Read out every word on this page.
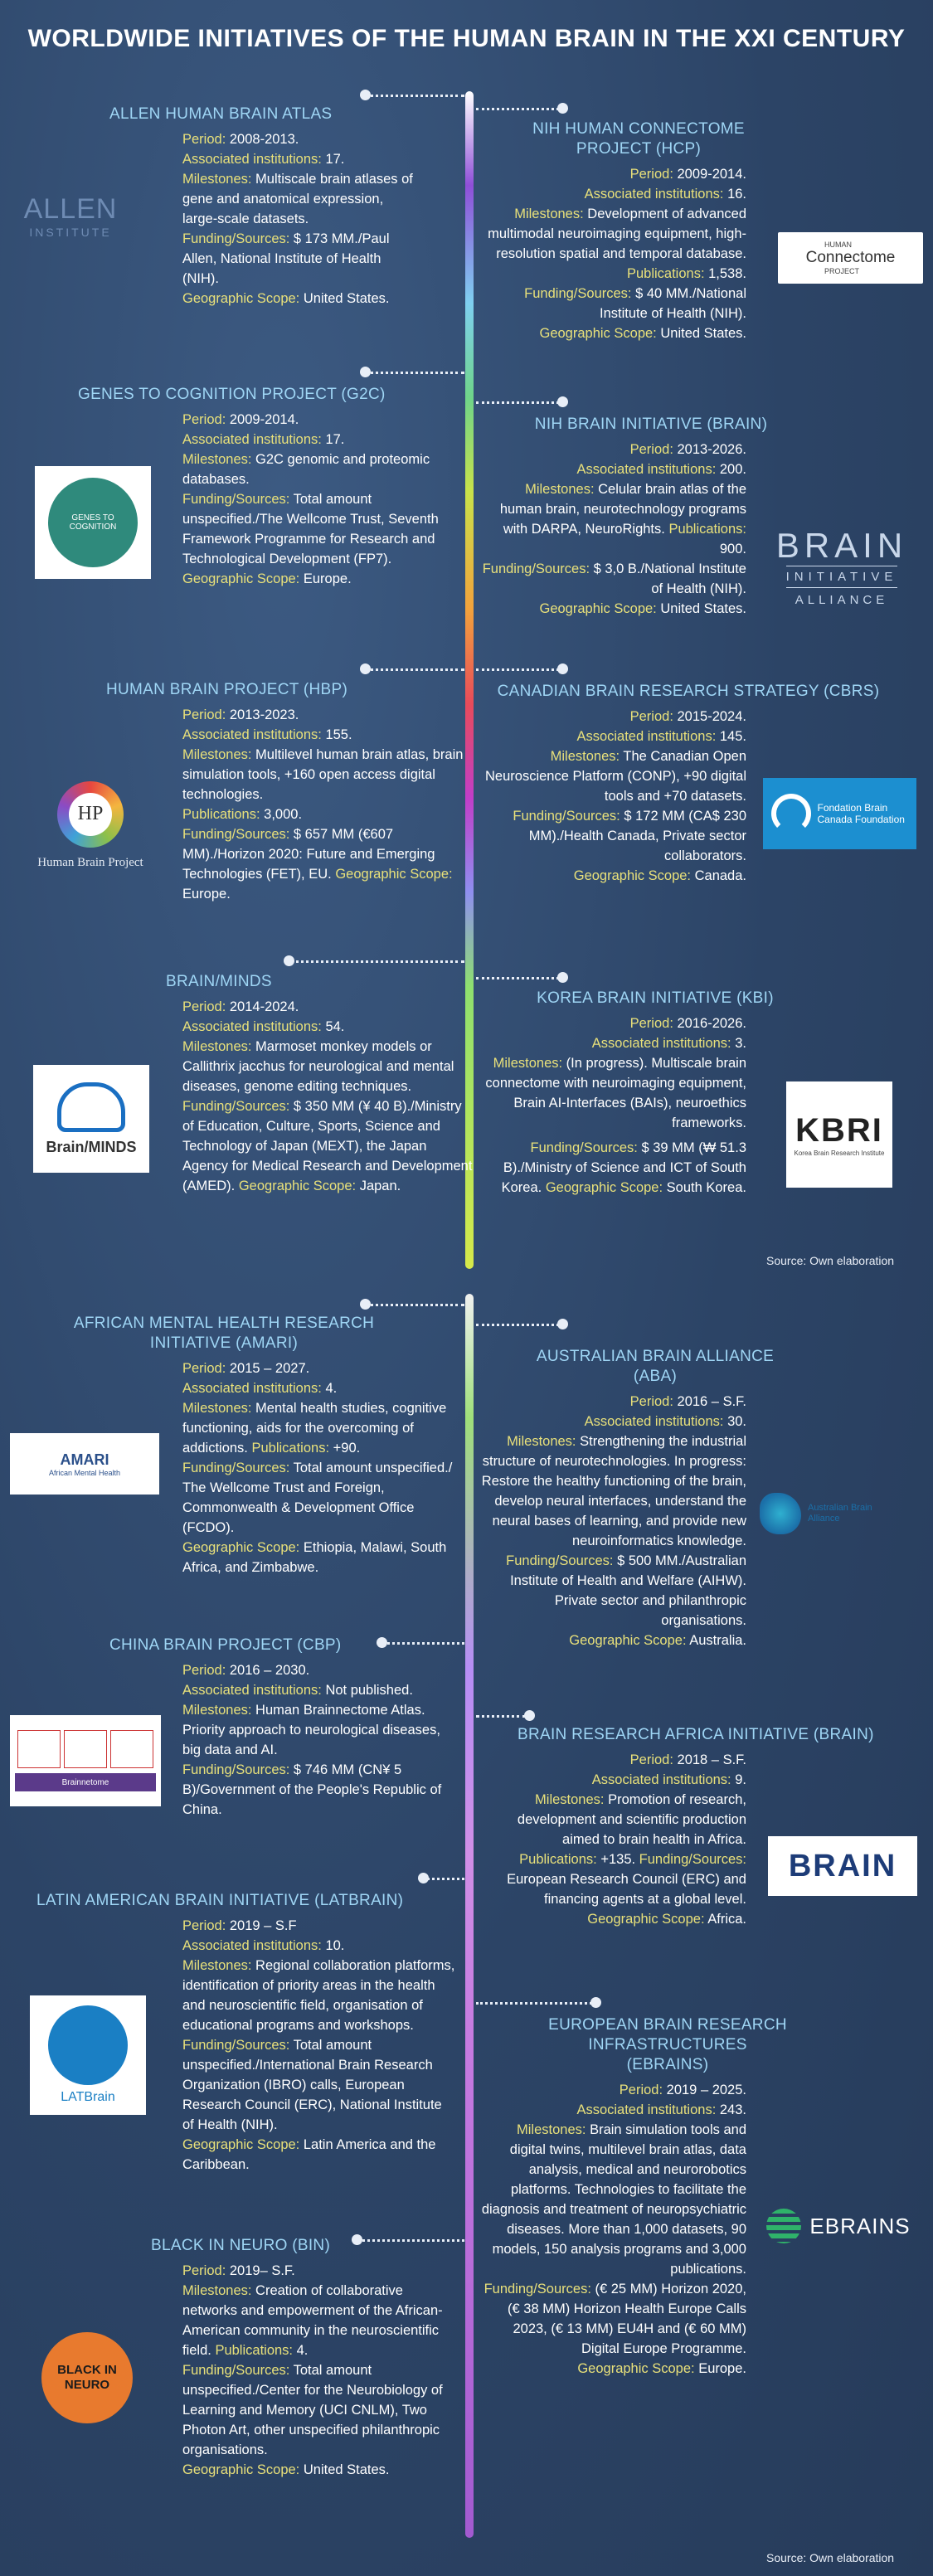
WORLDWIDE INITIATIVES OF THE HUMAN BRAIN IN THE XXI CENTURY
ALLEN HUMAN BRAIN ATLAS

Period: 2008-2013.

Associated institutions: 17.

Milestones: Multiscale brain atlases of gene and anatomical expression, large-scale datasets.

Funding/Sources: $ 173 MM./Paul Allen, National Institute of Health (NIH).

Geographic Scope: United States.

ALLEN
INSTITUTE
NIH HUMAN CONNECTOME PROJECT (HCP)

Period: 2009-2014.

Associated institutions: 16.

Milestones: Development of advanced multimodal neuroimaging equipment, high-resolution spatial and temporal database.

Publications: 1,538.

Funding/Sources: $ 40 MM./National Institute of Health (NIH).

Geographic Scope: United States.

HUMAN
Connectome
PROJECT
GENES TO COGNITION PROJECT (G2C)

Period: 2009-2014.

Associated institutions: 17.

Milestones: G2C genomic and proteomic databases.

Funding/Sources: Total amount unspecified./The Wellcome Trust, Seventh Framework Programme for Research and Technological Development (FP7).

Geographic Scope: Europe.

GENES TO COGNITION
NIH BRAIN INITIATIVE (BRAIN)

Period: 2013-2026.

Associated institutions: 200.

Milestones: Celular brain atlas of the human brain, neurotechnology programs with DARPA, NeuroRights. Publications: 900.

Funding/Sources: $ 3,0 B./National Institute of Health (NIH).

Geographic Scope: United States.

BRAIN
INITIATIVE
ALLIANCE
HUMAN BRAIN PROJECT (HBP)

Period: 2013-2023.

Associated institutions: 155.

Milestones: Multilevel human brain atlas, brain simulation tools, +160 open access digital technologies.

Publications: 3,000.

Funding/Sources: $ 657 MM (€607 MM)./Horizon 2020: Future and Emerging Technologies (FET), EU. Geographic Scope: Europe.

HP
Human Brain Project
CANADIAN BRAIN RESEARCH STRATEGY (CBRS)

Period: 2015-2024.

Associated institutions: 145.

Milestones: The Canadian Open Neuroscience Platform (CONP), +90 digital tools and +70 datasets.

Funding/Sources: $ 172 MM (CA$ 230 MM)./Health Canada, Private sector collaborators.

Geographic Scope: Canada.

Fondation Brain Canada Foundation
BRAIN/MINDS

Period: 2014-2024.

Associated institutions: 54.

Milestones: Marmoset monkey models or Callithrix jacchus for neurological and mental diseases, genome editing techniques.

Funding/Sources: $ 350 MM (¥ 40 B)./Ministry of Education, Culture, Sports, Science and Technology of Japan (MEXT), the Japan Agency for Medical Research and Development (AMED). Geographic Scope: Japan.

Brain/MINDS
KOREA BRAIN INITIATIVE (KBI)

Period: 2016-2026.

Associated institutions: 3.

Milestones: (In progress). Multiscale brain connectome with neuroimaging equipment, Brain AI-Interfaces (BAIs), neuroethics frameworks.

Funding/Sources: $ 39 MM (₩ 51.3 B)./Ministry of Science and ICT of South Korea. Geographic Scope: South Korea.

KBRI
Korea Brain Research Institute
Source: Own elaboration
AFRICAN MENTAL HEALTH RESEARCH INITIATIVE (AMARI)

Period: 2015 – 2027.

Associated institutions: 4.

Milestones: Mental health studies, cognitive functioning, aids for the overcoming of addictions. Publications: +90.

Funding/Sources: Total amount unspecified./ The Wellcome Trust and Foreign, Commonwealth & Development Office (FCDO).

Geographic Scope: Ethiopia, Malawi, South Africa, and Zimbabwe.

AMARI
African Mental Health
AUSTRALIAN BRAIN ALLIANCE (ABA)

Period: 2016 – S.F.

Associated institutions: 30.

Milestones: Strengthening the industrial structure of neurotechnologies. In progress: Restore the healthy functioning of the brain, develop neural interfaces, understand the neural bases of learning, and provide new neuroinformatics knowledge.

Funding/Sources: $ 500 MM./Australian Institute of Health and Welfare (AIHW). Private sector and philanthropic organisations.

Geographic Scope: Australia.

Australian Brain Alliance
CHINA BRAIN PROJECT (CBP)

Period: 2016 – 2030.

Associated institutions: Not published.

Milestones: Human Brainnectome Atlas. Priority approach to neurological diseases, big data and AI.

Funding/Sources: $ 746 MM (CN¥ 5 B)/Government of the People's Republic of China.

Brainnetome
BRAIN RESEARCH AFRICA INITIATIVE (BRAIN)

Period: 2018 – S.F.

Associated institutions: 9.

Milestones: Promotion of research, development and scientific production aimed to brain health in Africa.

Publications: +135. Funding/Sources: European Research Council (ERC) and financing agents at a global level.

Geographic Scope: Africa.

BRAIN
LATIN AMERICAN BRAIN INITIATIVE (LATBRAIN)

Period: 2019 – S.F

Associated institutions: 10.

Milestones: Regional collaboration platforms, identification of priority areas in the health and neuroscientific field, organisation of educational programs and workshops.

Funding/Sources: Total amount unspecified./International Brain Research Organization (IBRO) calls, European Research Council (ERC), National Institute of Health (NIH).

Geographic Scope: Latin America and the Caribbean.

LATBrain
EUROPEAN BRAIN RESEARCH INFRASTRUCTURES (EBRAINS)

Period: 2019 – 2025.

Associated institutions: 243.

Milestones: Brain simulation tools and digital twins, multilevel brain atlas, data analysis, medical and neurorobotics platforms. Technologies to facilitate the diagnosis and treatment of neuropsychiatric diseases. More than 1,000 datasets, 90 models, 150 analysis programs and 3,000 publications.

Funding/Sources: (€ 25 MM) Horizon 2020, (€ 38 MM) Horizon Health Europe Calls 2023, (€ 13 MM) EU4H and (€ 60 MM) Digital Europe Programme.

Geographic Scope: Europe.

EBRAINS
BLACK IN NEURO (BIN)

Period: 2019– S.F.

Milestones: Creation of collaborative networks and empowerment of the African-American community in the neuroscientific field. Publications: 4.

Funding/Sources: Total amount unspecified./Center for the Neurobiology of Learning and Memory (UCI CNLM), Two Photon Art, other unspecified philanthropic organisations.

Geographic Scope: United States.

BLACK IN NEURO
Source: Own elaboration
